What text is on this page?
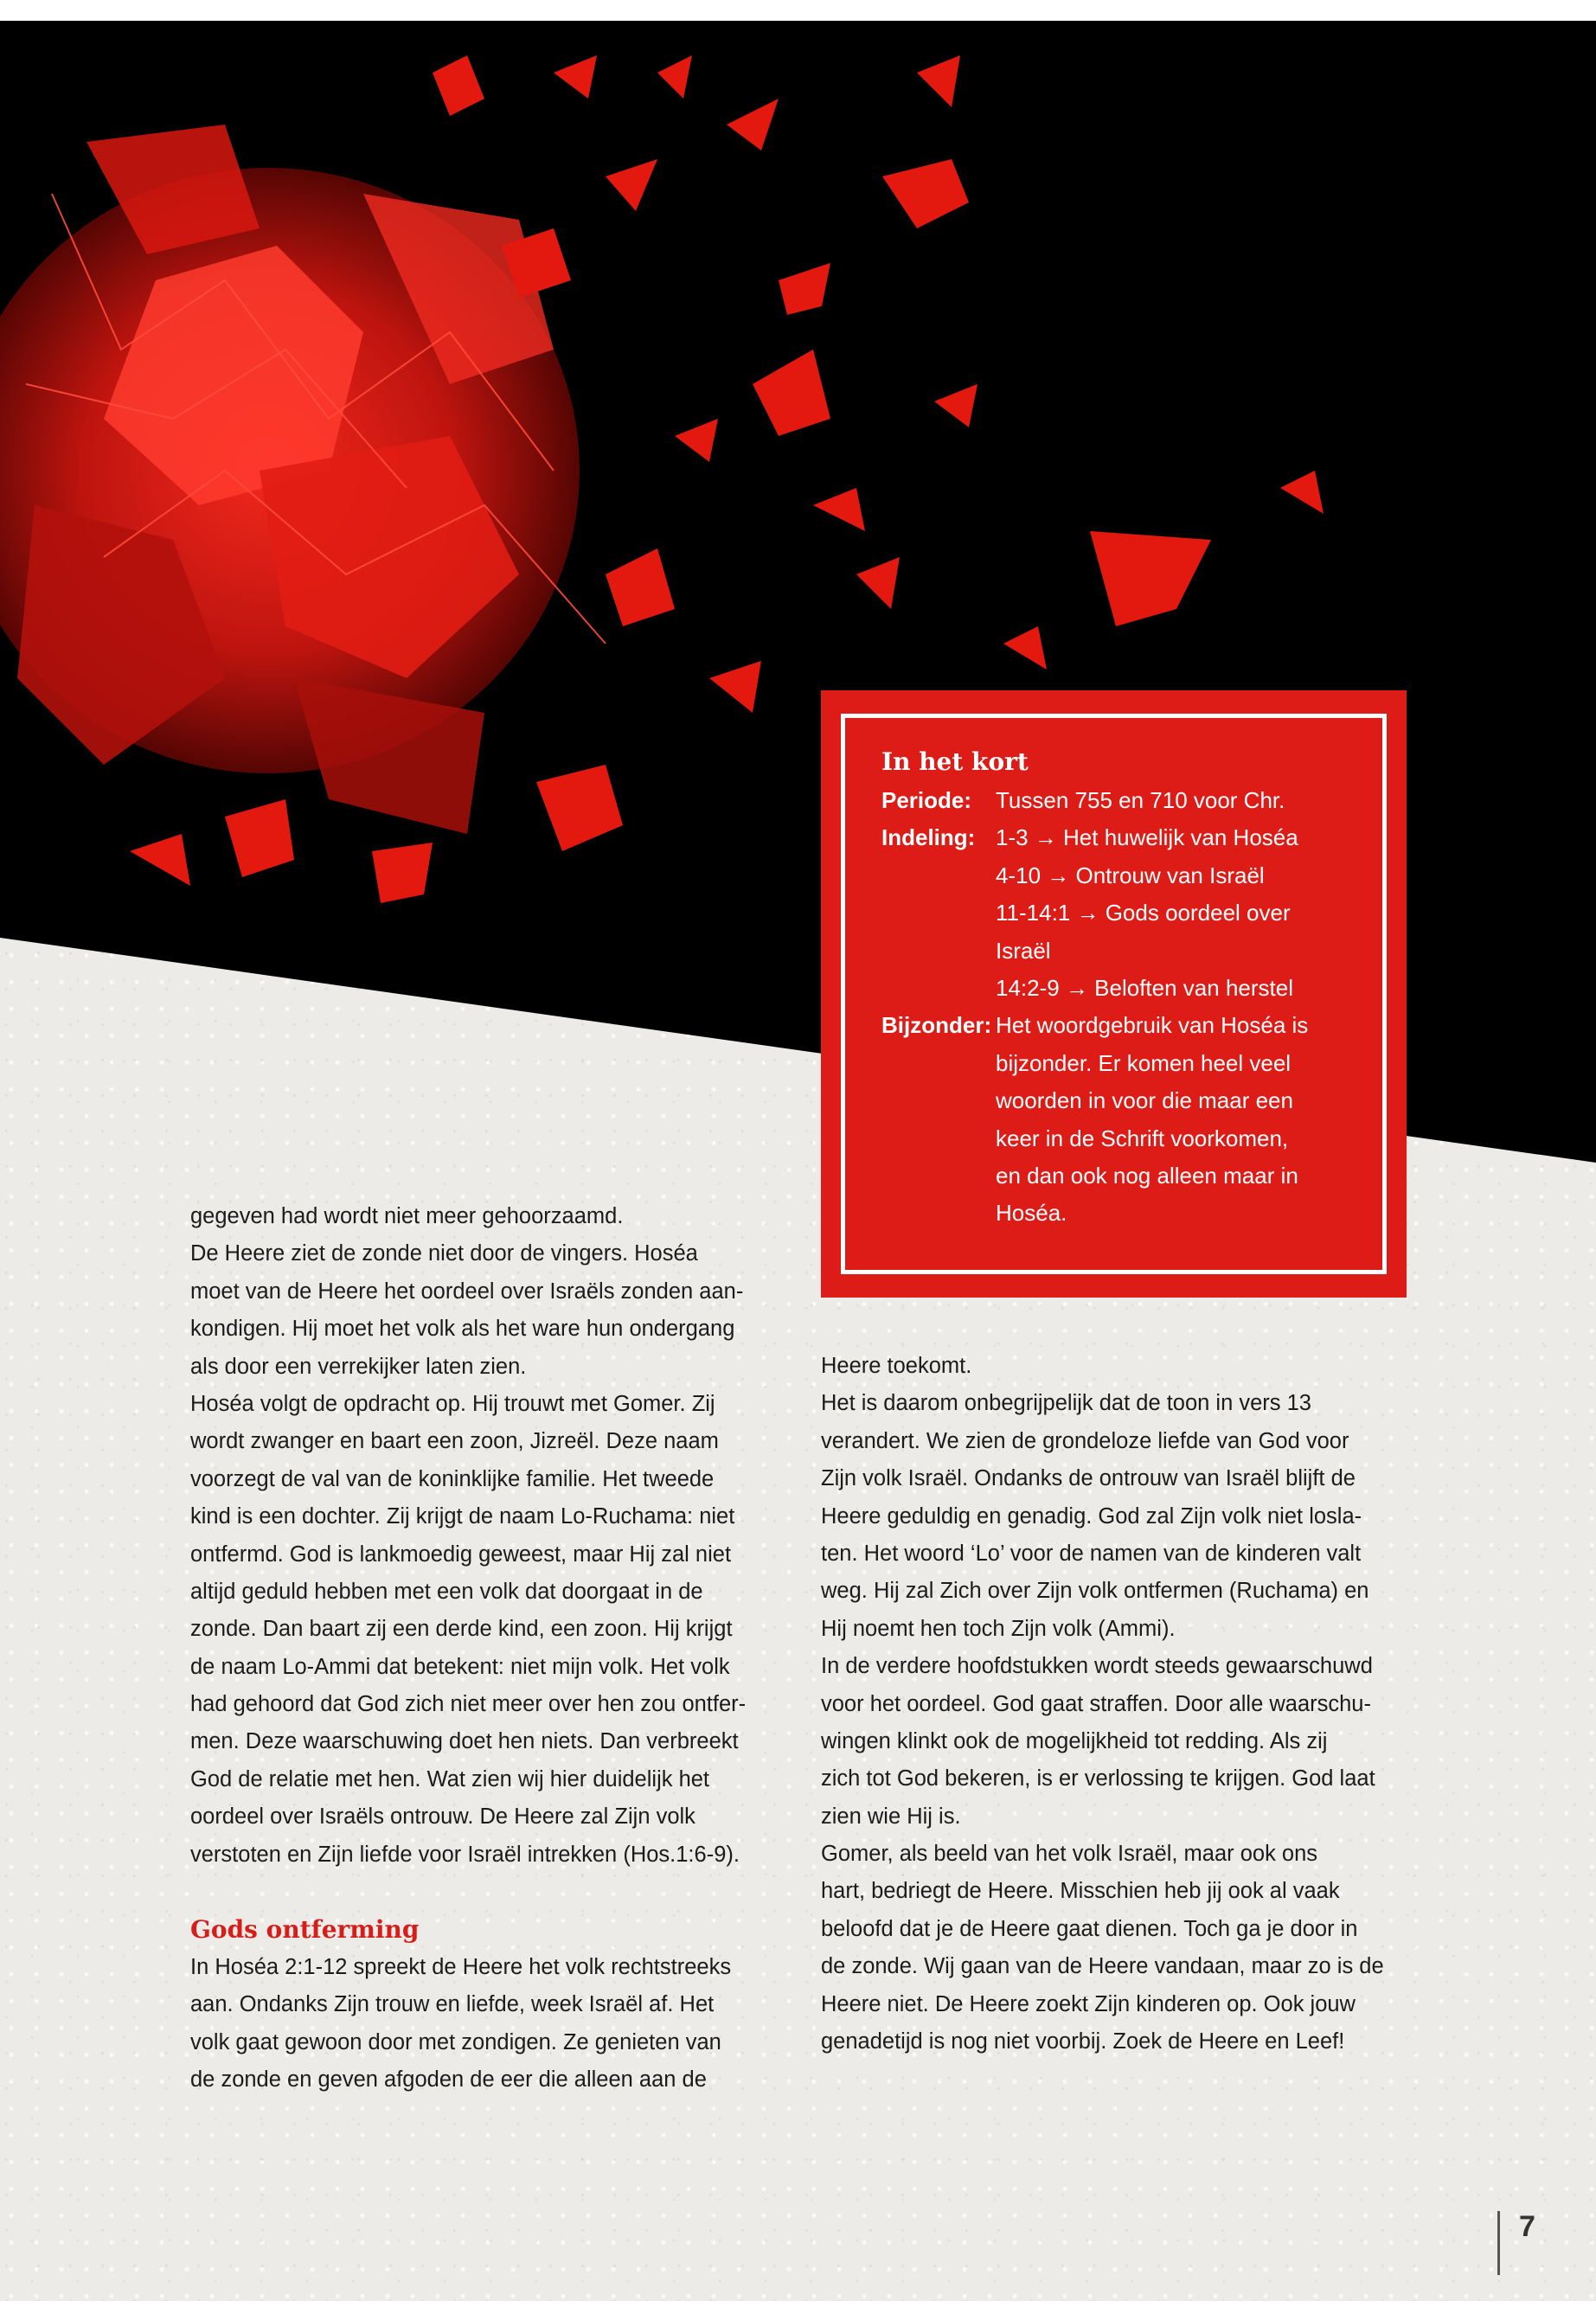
In het kort
Periode:	Tussen 755 en 710 voor Chr.
Indeling: 1-3 → Het huwelijk van Hoséa
4-10 → Ontrouw van Israël
11-14:1 → Gods oordeel over
Israël
14:2-9 → Beloften van herstel
Bijzonder: Het woordgebruik van Hoséa is
bijzonder. Er komen heel veel
woorden in voor die maar een
keer in de Schrift voorkomen,
en dan ook nog alleen maar in
Hoséa.
gegeven had wordt niet meer gehoorzaamd.
De Heere ziet de zonde niet door de vingers. Hoséa
moet van de Heere het oordeel over Israëls zonden aan-
kondigen. Hij moet het volk als het ware hun ondergang
als door een verrekijker laten zien.
Hoséa volgt de opdracht op. Hij trouwt met Gomer. Zij
wordt zwanger en baart een zoon, Jizreël. Deze naam
voorzegt de val van de koninklijke familie. Het tweede
kind is een dochter. Zij krijgt de naam Lo-Ruchama: niet
ontfermd. God is lankmoedig geweest, maar Hij zal niet
altijd geduld hebben met een volk dat doorgaat in de
zonde. Dan baart zij een derde kind, een zoon. Hij krijgt
de naam Lo-Ammi dat betekent: niet mijn volk. Het volk
had gehoord dat God zich niet meer over hen zou ontfer-
men. Deze waarschuwing doet hen niets. Dan verbreekt
God de relatie met hen. Wat zien wij hier duidelijk het
oordeel over Israëls ontrouw. De Heere zal Zijn volk
verstoten en Zijn liefde voor Israël intrekken (Hos.1:6-9).
Gods ontferming
In Hoséa 2:1-12 spreekt de Heere het volk rechtstreeks
aan. Ondanks Zijn trouw en liefde, week Israël af. Het
volk gaat gewoon door met zondigen. Ze genieten van
de zonde en geven afgoden de eer die alleen aan de
Heere toekomt.
Het is daarom onbegrijpelijk dat de toon in vers 13
verandert. We zien de grondeloze liefde van God voor
Zijn volk Israël. Ondanks de ontrouw van Israël blijft de
Heere geduldig en genadig. God zal Zijn volk niet losla-
ten. Het woord ‘Lo’ voor de namen van de kinderen valt
weg. Hij zal Zich over Zijn volk ontfermen (Ruchama) en
Hij noemt hen toch Zijn volk (Ammi).
In de verdere hoofdstukken wordt steeds gewaarschuwd
voor het oordeel. God gaat straffen. Door alle waarschu-
wingen klinkt ook de mogelijkheid tot redding. Als zij
zich tot God bekeren, is er verlossing te krijgen. God laat
zien wie Hij is.
Gomer, als beeld van het volk Israël, maar ook ons
hart, bedriegt de Heere. Misschien heb jij ook al vaak
beloofd dat je de Heere gaat dienen. Toch ga je door in
de zonde. Wij gaan van de Heere vandaan, maar zo is de
Heere niet. De Heere zoekt Zijn kinderen op. Ook jouw
genadetijd is nog niet voorbij. Zoek de Heere en Leef!
7
